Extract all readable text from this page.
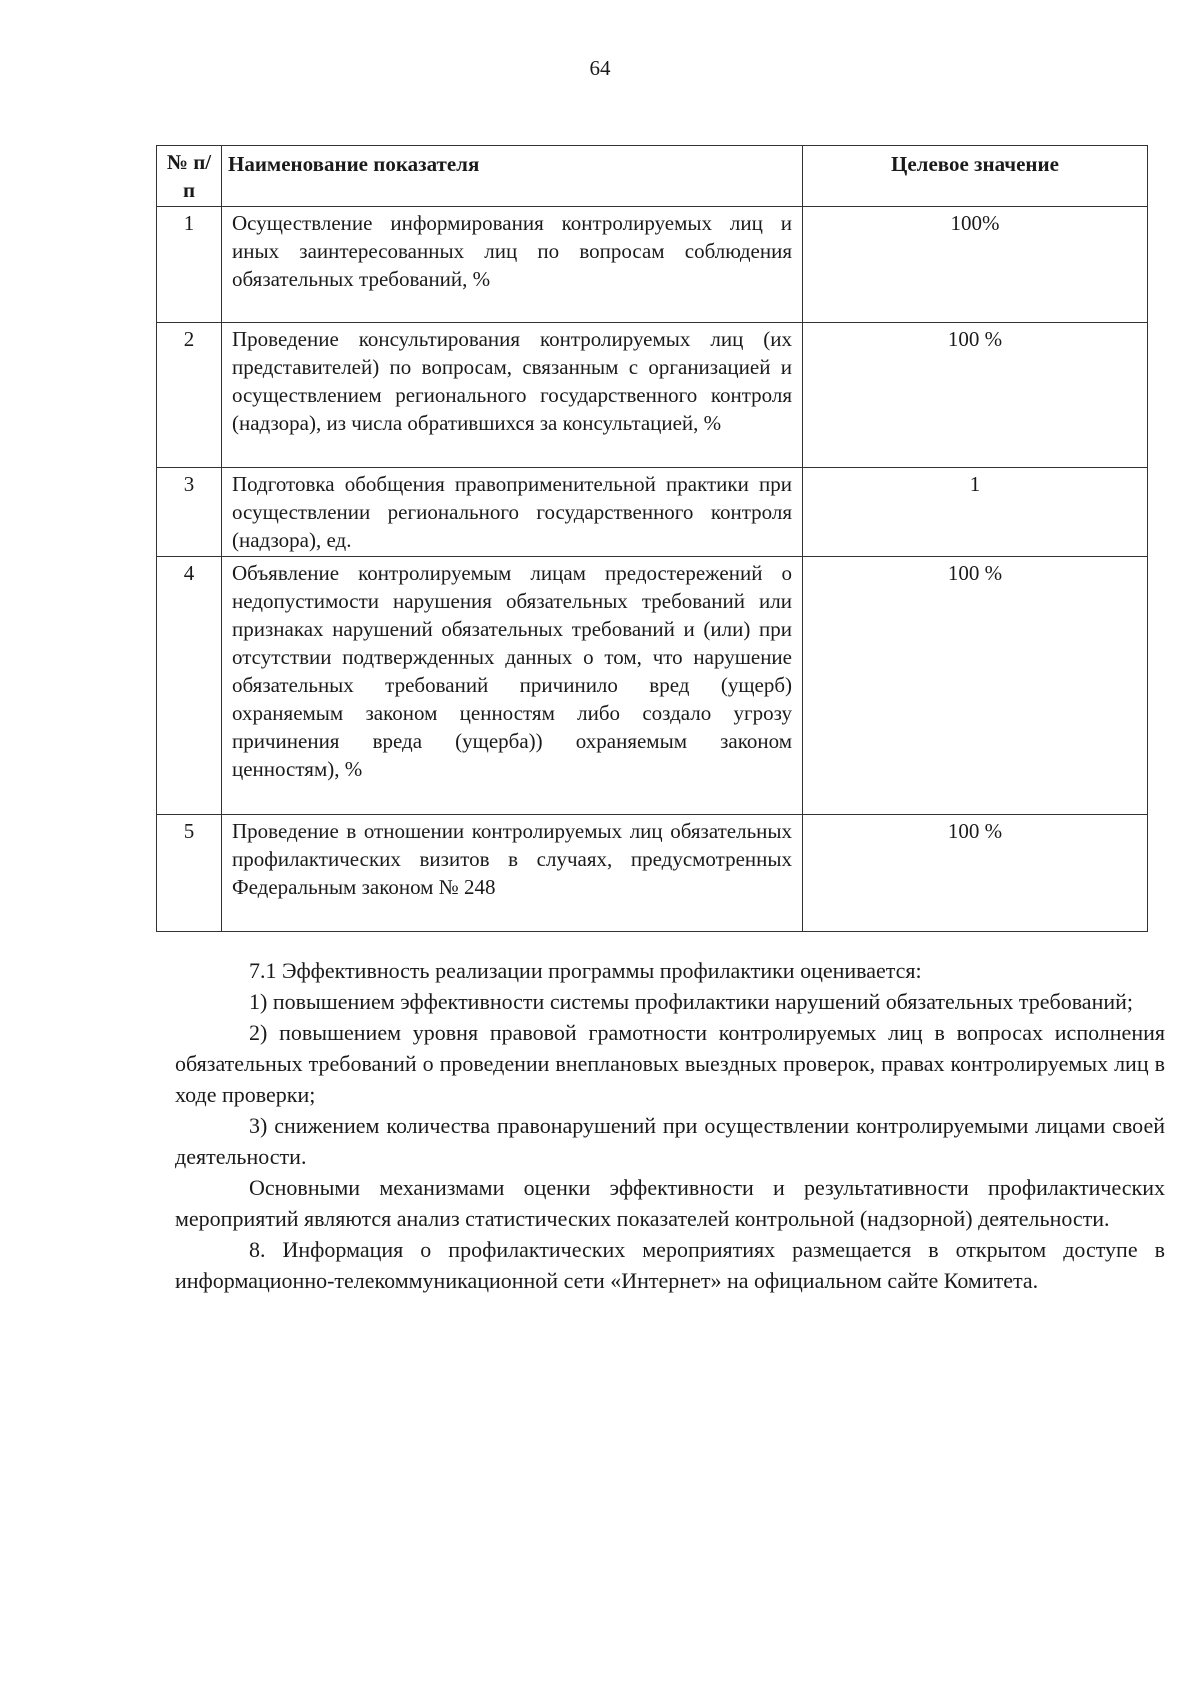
64
№ п/п	Наименование показателя	Целевое значение
1	Осуществление информирования контролируемых лиц и иных заинтересованных лиц по вопросам соблюдения обязательных требований, %	100%
2	Проведение консультирования контролируемых лиц (их представителей) по вопросам, связанным с организацией и осуществлением регионального государственного контроля (надзора), из числа обратившихся за консультацией, %	100 %
3	Подготовка обобщения правоприменительной практики при осуществлении регионального государственного контроля (надзора), ед.	1
4	Объявление контролируемым лицам предостережений о недопустимости нарушения обязательных требований или признаках нарушений обязательных требований и (или) при отсутствии подтвержденных данных о том, что нарушение обязательных требований причинило вред (ущерб) охраняемым законом ценностям либо создало угрозу причинения вреда (ущерба)) охраняемым законом ценностям), %	100 %
5	Проведение в отношении контролируемых лиц обязательных профилактических визитов в случаях, предусмотренных Федеральным законом № 248	100 %

7.1 Эффективность реализации программы профилактики оценивается:

1) повышением эффективности системы профилактики нарушений обязательных требований;

2) повышением уровня правовой грамотности контролируемых лиц в вопросах исполнения обязательных требований о проведении внеплановых выездных проверок, правах контролируемых лиц в ходе проверки;

3) снижением количества правонарушений при осуществлении контролируемыми лицами своей деятельности.

Основными механизмами оценки эффективности и результативности профилактических мероприятий являются анализ статистических показателей контрольной (надзорной) деятельности.

8. Информация о профилактических мероприятиях размещается в открытом доступе в информационно-телекоммуникационной сети «Интернет» на официальном сайте Комитета.
